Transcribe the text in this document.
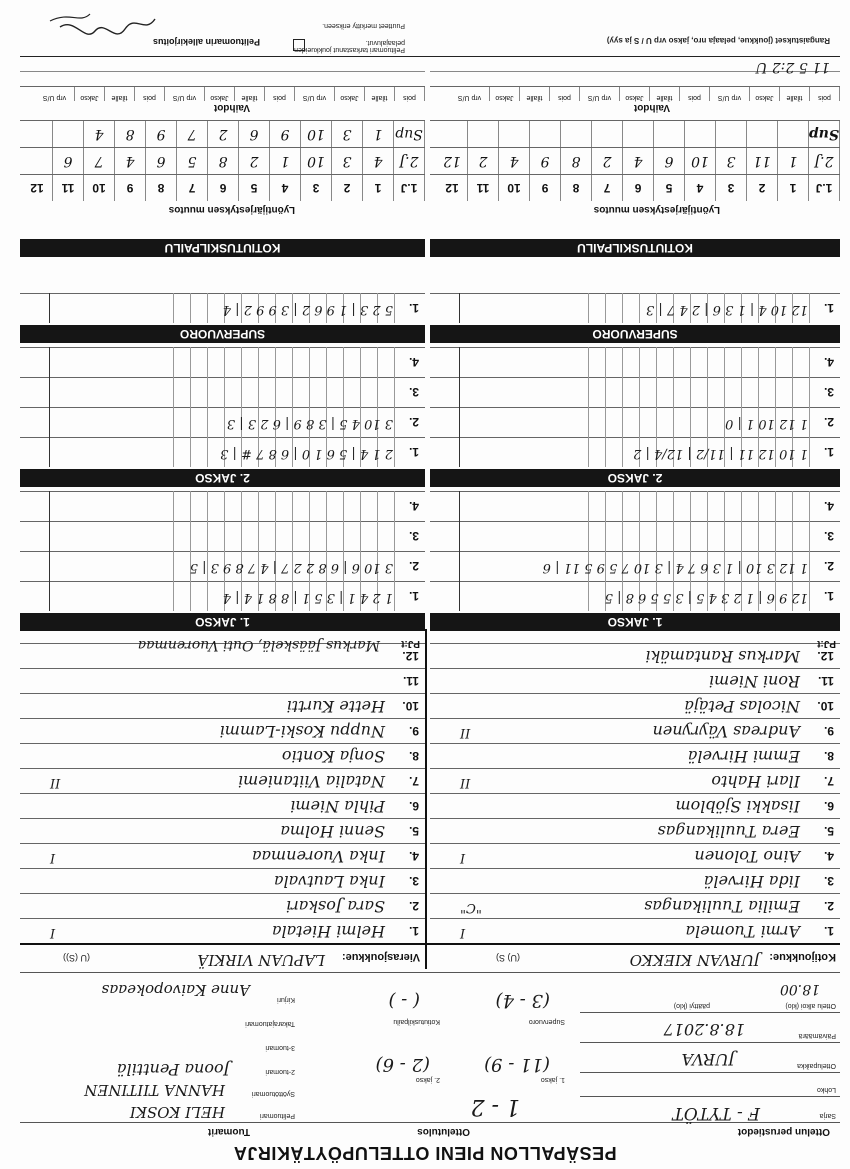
PESÄPALLON PIENI OTTELUPÖYTÄKIRJA
Ottelun perustiedot
Ottelutulos
Tuomarit
Sarja
F - TYTÖT
Lohko
Ottelupaikka
JURVA
Päivämäärä
18.8.2017
Ottelu alkoi (klo)
päättyi (klo)
18.00
1 - 2
1. jakso
(11 - 9)
2. jakso
(2 - 6)
Supervuoro
(3 - 4)
Kotiutuskilpailu
( - )
Pelituomari
HELI KOSKI
Syöttötuomari
HANNA TIITINEN
2-tuomari
Joona Penttilä
3-tuomari
Takarajatuomari
Kirjuri
Anne Kaivopokeaas
Kotijoukkue:
JURVAN KIEKKO
(U) S)
Vierasjoukkue:
LAPUAN VIRKIÄ
(U (S))
1.
Armi Tuomela
I
2.
Emilia Tuulikangas
"C"
3.
Iida Hirvelä
4.
Aino Tolonen
I
5.
Eera Tuulikangas
6.
Iisakki Sjöblom
7.
Ilari Hahto
II
8.
Emmi Hirvelä
9.
Andreas Väyrynen
II
10.
Nicolas Petäjä
11.
Roni Niemi
12.
Markus Rantamäki
1.
Helmi Hietala
I
2.
Sara Joskari
3.
Inka Lautvala
4.
Inka Vuorenmaa
I
5.
Senni Holma
6.
Pihla Niemi
7.
Natalia Viitaniemi
II
8.
Sonja Kontio
9.
Nuppu Koski-Lammi
10.
Hette Kurtti
11.
12.
PJ:t
PJ:t
Markus Jääskelä, Outi Vuorenmaa
1. JAKSO
1. JAKSO
1.
12 9 6 | 1 2 3 4 5 | 3 5 5 6 8 | 5
1.
1 2 4 1 | 3 5 1 | 8 8 1 4 | 4
2.
1 12 3 10 | 1 3 6 7 4 | 3 10 7 5 9 5 11 | 6
2.
3 10 6 | 6 8 2 2 7 | 4 7 8 9 3 | 5
3.
3.
4.
4.
2. JAKSO
2. JAKSO
1.
1 10 12 11 | 11/2 | 12/4 | 2
1.
2 1 4 | 5 6 1 0 | 6 8 7 # | 3
2.
1 12 10 1 | 0
2.
3 10 4 5 | 3 8 9 | 6 2 3 | 3
3.
3.
4.
4.
SUPERVUORO
SUPERVUORO
1.
12 10 4 | 1 3 6 | 2 4 7 | 3
1.
5 2 3 | 1 9 6 2 | 3 9 9 2 | 4
KOTIUTUSKILPAILU
KOTIUTUSKILPAILU
Lyöntijärjestyksen muutos
Lyöntijärjestyksen muutos
1.J
1
2
3
4
5
6
7
8
9
10
11
12
2.J
1
11
3
10
6
4
2
8
9
4
2
12
Sup
1.J
1
2
3
4
5
6
7
8
9
10
11
12
2.J
4
3
10
1
2
8
5
6
4
7
6
Sup
1
3
10
9
6
2
7
9
8
4
Vaihdot
Vaihdot
pois
tilalle
Jakso
vrp U/S
pois
tilalle
Jakso
vrp U/S
pois
tilalle
Jakso
vrp U/S
pois
tilalle
Jakso
vrp U/S
pois
tilalle
Jakso
vrp U/S
pois
tilalle
Jakso
vrp U/S
11 5 2:2 U
Rangaistukset (joukkue, pelaaja nro, jakso vrp U / S ja syy)
Pelituomari tarkastanut joukkueiden pelaajaluvut.
Puutteet merkitty erikseen.
Pelituomarin allekirjoitus
